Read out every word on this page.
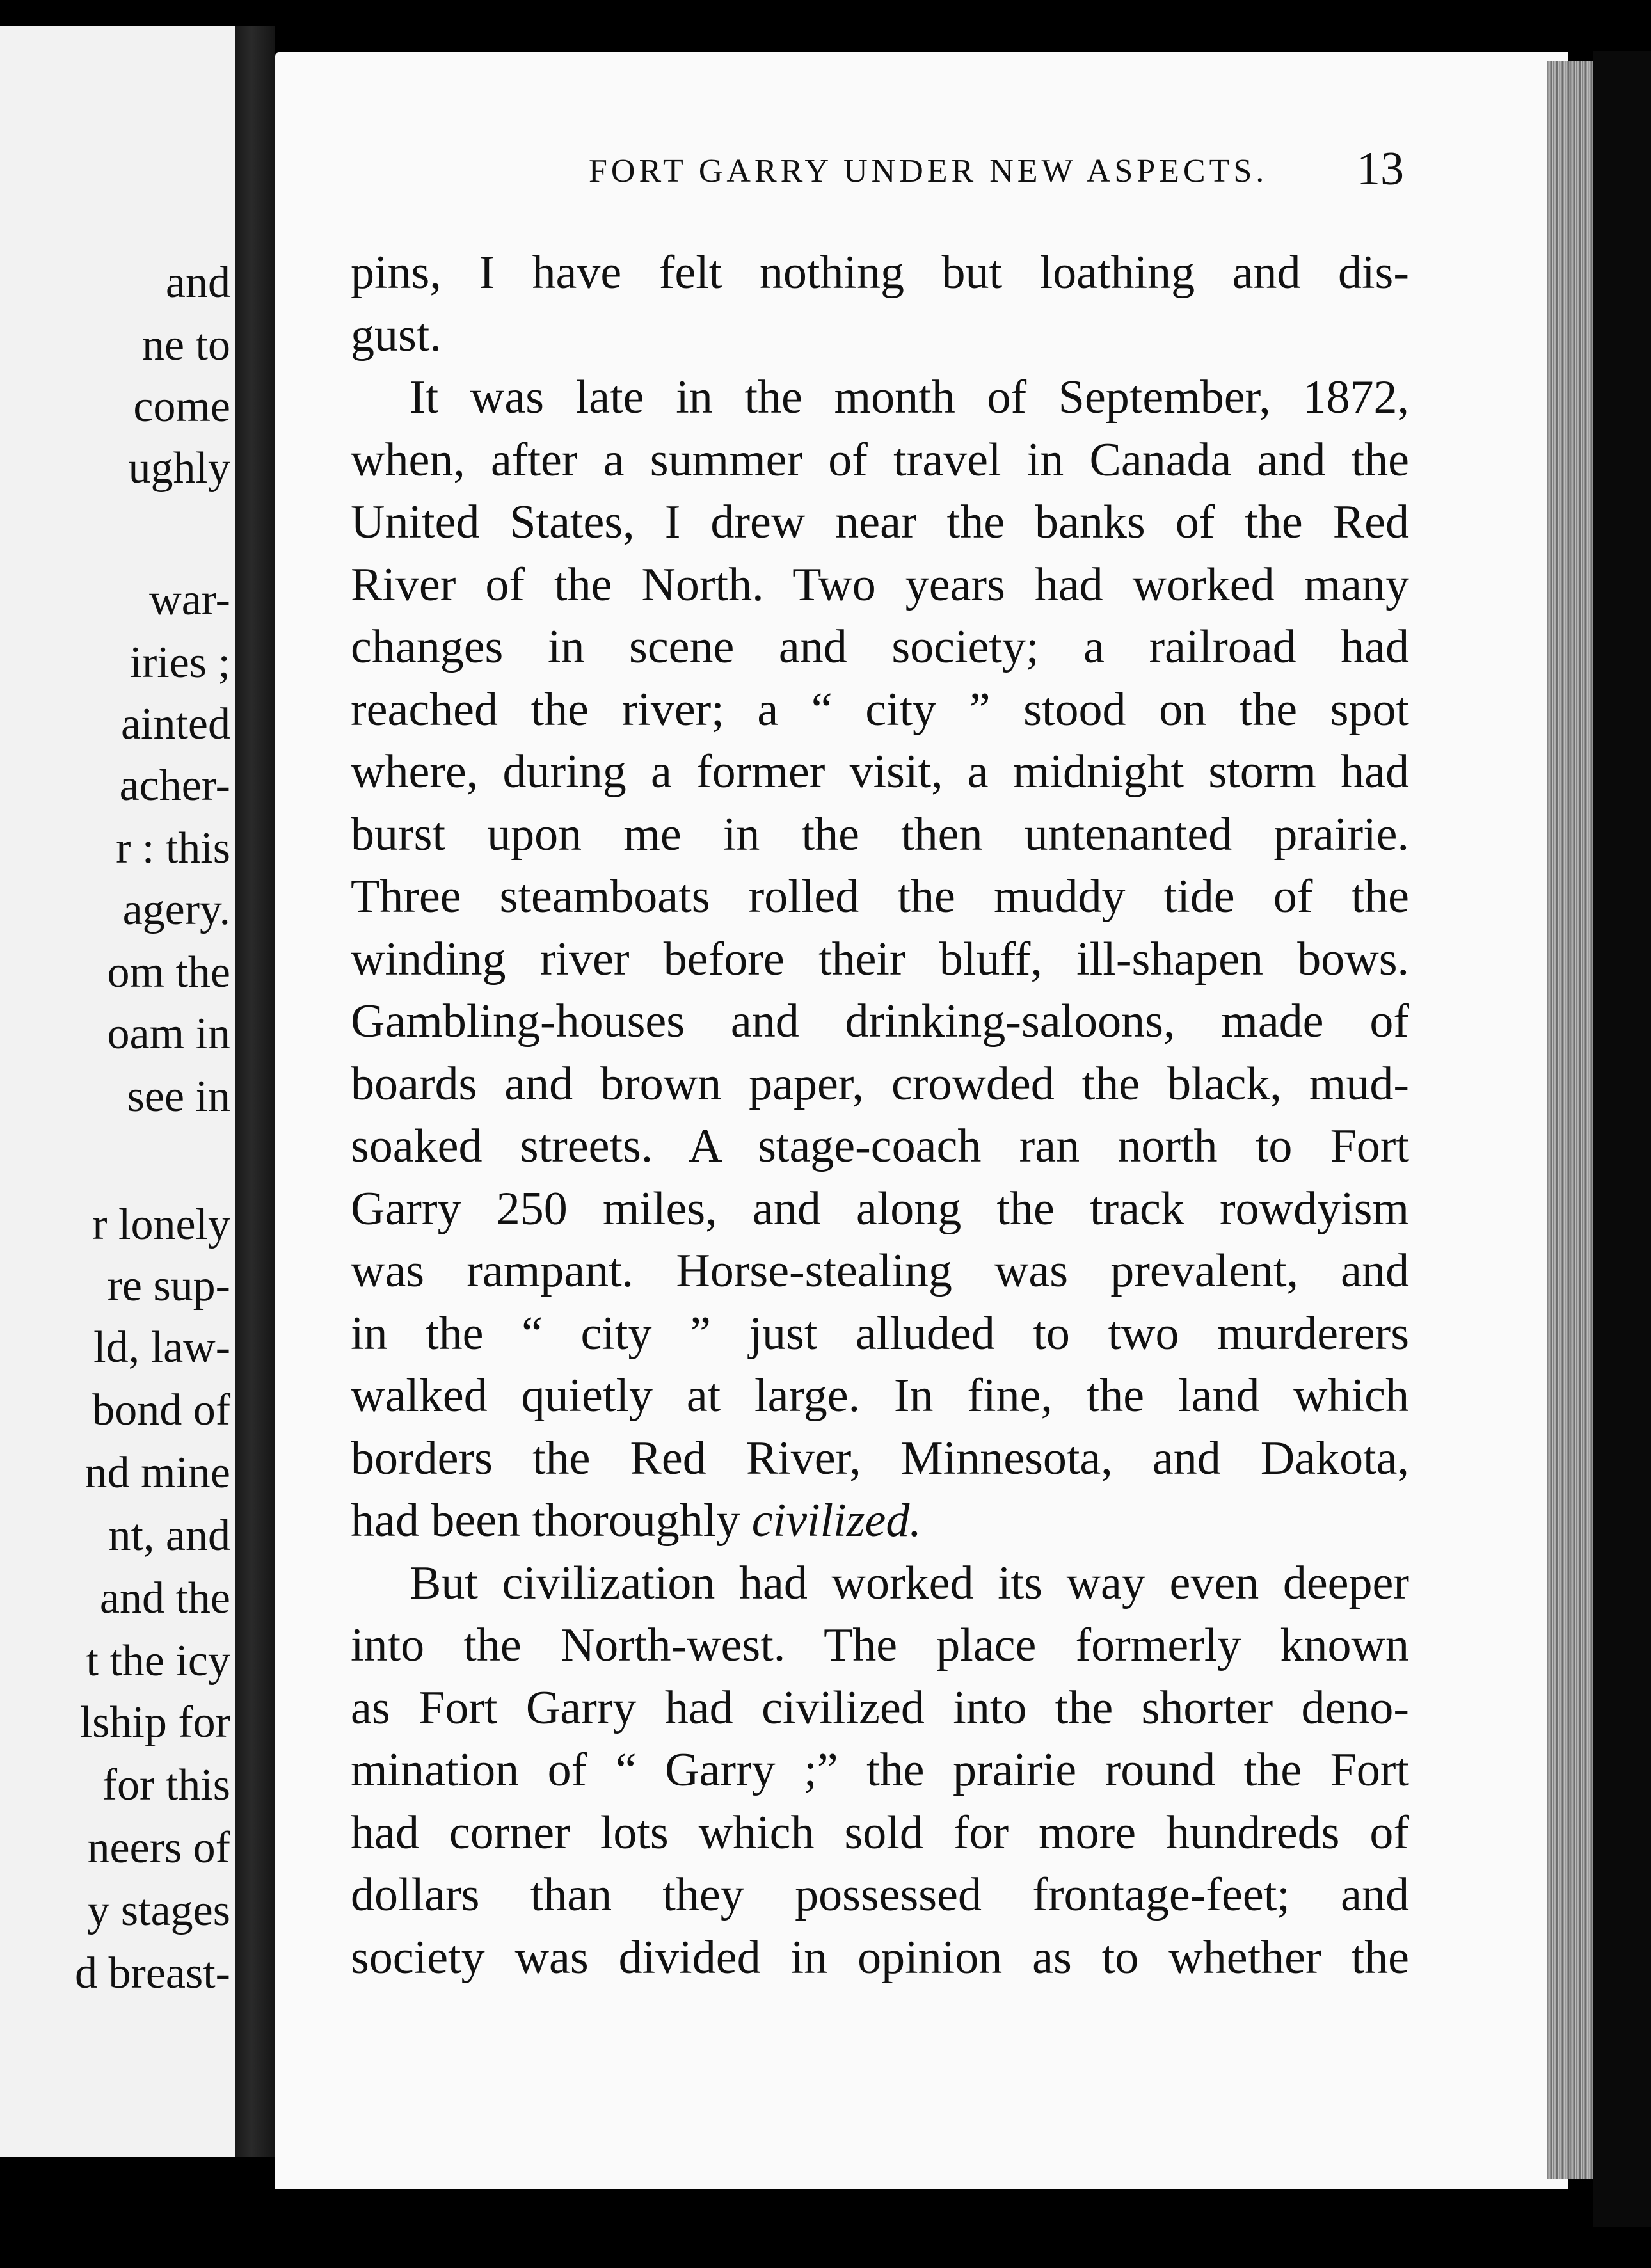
and
ne to
come
ughly
war-
iries ;
ainted
acher-
r : this
agery.
om the
oam in
see in
r lonely
re sup-
ld, law-
bond of
nd mine
nt, and
and the
t the icy
lship for
for this
neers of
y stages
d breast-
FORT GARRY UNDER NEW ASPECTS. 13
pins, I have felt nothing but loathing and dis-
gust.
It was late in the month of September, 1872,
when, after a summer of travel in Canada and the
United States, I drew near the banks of the Red
River of the North. Two years had worked many
changes in scene and society; a railroad had
reached the river; a “ city ” stood on the spot
where, during a former visit, a midnight storm had
burst upon me in the then untenanted prairie.
Three steamboats rolled the muddy tide of the
winding river before their bluff, ill-shapen bows.
Gambling-houses and drinking-saloons, made of
boards and brown paper, crowded the black, mud-
soaked streets. A stage-coach ran north to Fort
Garry 250 miles, and along the track rowdyism
was rampant. Horse-stealing was prevalent, and
in the “ city ” just alluded to two murderers
walked quietly at large. In fine, the land which
borders the Red River, Minnesota, and Dakota,
had been thoroughly civilized.
But civilization had worked its way even deeper
into the North-west. The place formerly known
as Fort Garry had civilized into the shorter deno-
mination of “ Garry ;” the prairie round the Fort
had corner lots which sold for more hundreds of
dollars than they possessed frontage-feet; and
society was divided in opinion as to whether the
